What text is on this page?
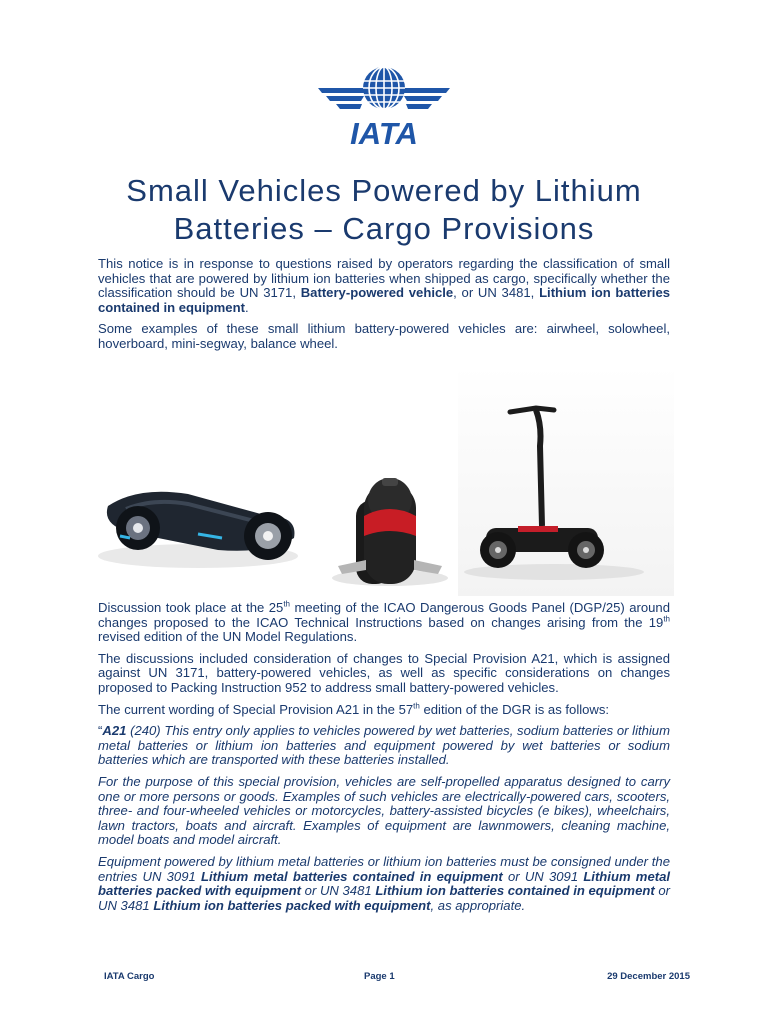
IATA
Small Vehicles Powered by Lithium
Batteries – Cargo Provisions

This notice is in response to questions raised by operators regarding the classification of small vehicles that are powered by lithium ion batteries when shipped as cargo, specifically whether the classification should be UN 3171, Battery-powered vehicle, or UN 3481, Lithium ion batteries contained in equipment.

Some examples of these small lithium battery-powered vehicles are: airwheel, solowheel, hoverboard, mini-segway, balance wheel.

Discussion took place at the 25th meeting of the ICAO Dangerous Goods Panel (DGP/25) around changes proposed to the ICAO Technical Instructions based on changes arising from the 19th revised edition of the UN Model Regulations.

The discussions included consideration of changes to Special Provision A21, which is assigned against UN 3171, battery-powered vehicles, as well as specific considerations on changes proposed to Packing Instruction 952 to address small battery-powered vehicles.

The current wording of Special Provision A21 in the 57th edition of the DGR is as follows:

“A21 (240) This entry only applies to vehicles powered by wet batteries, sodium batteries or lithium metal batteries or lithium ion batteries and equipment powered by wet batteries or sodium batteries which are transported with these batteries installed.

For the purpose of this special provision, vehicles are self-propelled apparatus designed to carry one or more persons or goods. Examples of such vehicles are electrically-powered cars, scooters, three- and four-wheeled vehicles or motorcycles, battery-assisted bicycles (e bikes), wheelchairs, lawn tractors, boats and aircraft. Examples of equipment are lawnmowers, cleaning machine, model boats and model aircraft.

Equipment powered by lithium metal batteries or lithium ion batteries must be consigned under the entries UN 3091 Lithium metal batteries contained in equipment or UN 3091 Lithium metal batteries packed with equipment or UN 3481 Lithium ion batteries contained in equipment or UN 3481 Lithium ion batteries packed with equipment, as appropriate.

IATA Cargo	Page 1	29 December 2015
